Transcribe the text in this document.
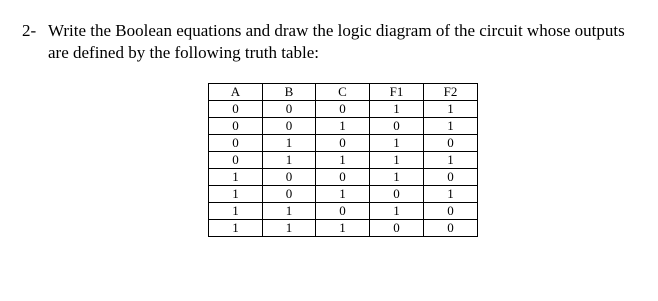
2- Write the Boolean equations and draw the logic diagram of the circuit whose outputs are defined by the following truth table:
A	B	C	F1	F2
0	0	0	1	1
0	0	1	0	1
0	1	0	1	0
0	1	1	1	1
1	0	0	1	0
1	0	1	0	1
1	1	0	1	0
1	1	1	0	0
